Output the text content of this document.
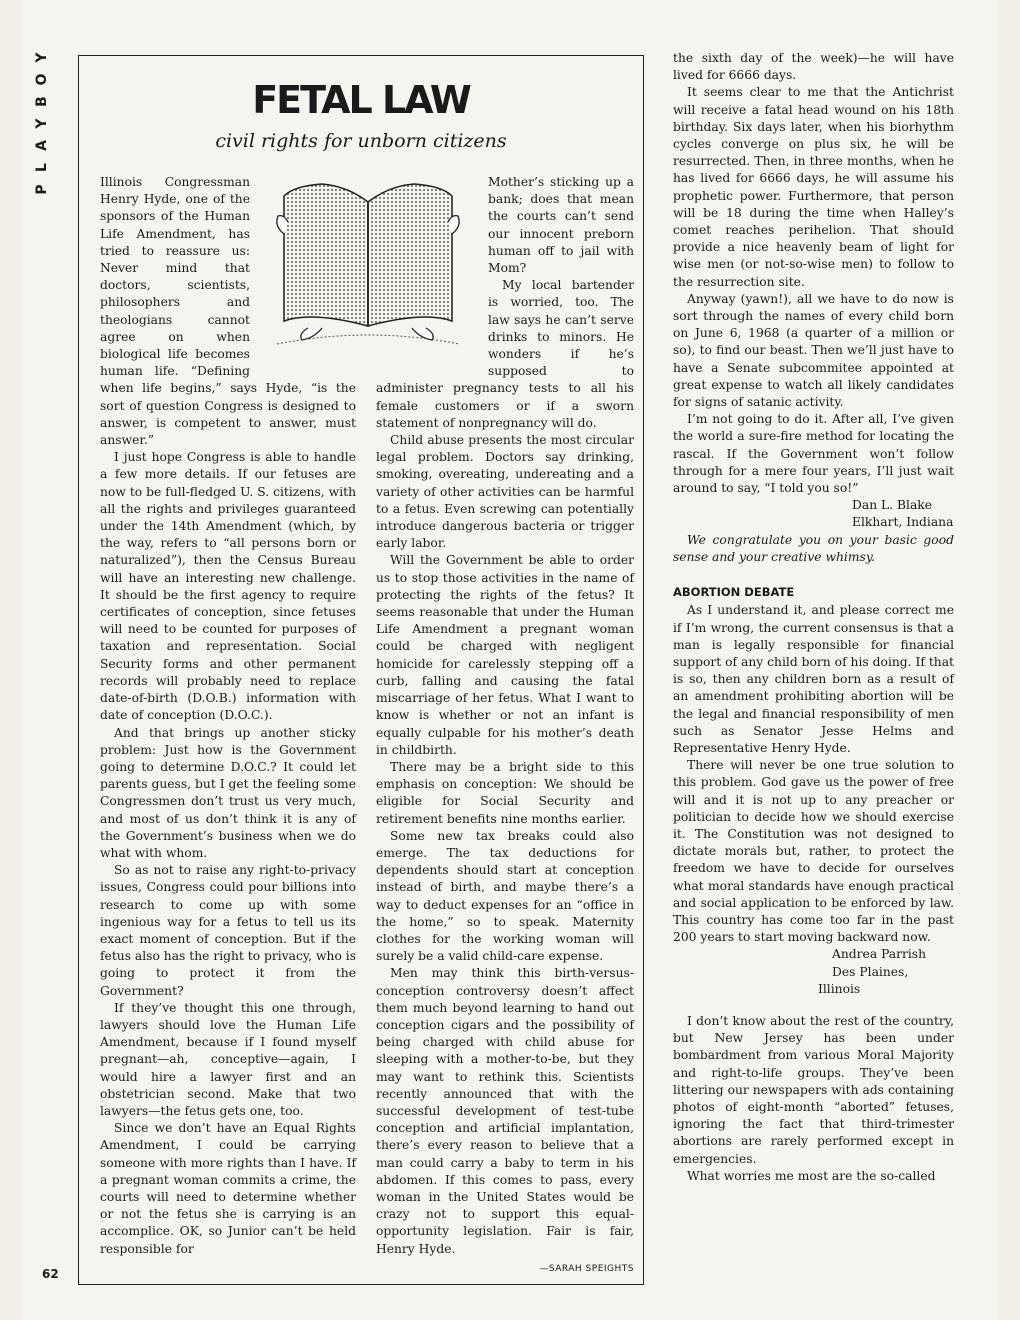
Y
O
B
Y
A
L
P
62
FETAL LAW
civil rights for unborn citizens

Illinois Congressman Henry Hyde, one of the sponsors of the Human Life Amendment, has tried to reassure us: Never mind that doctors, scientists, philosophers and theologians cannot agree on when biological life becomes human life. “Defining when life begins,” says Hyde, “is the sort of question Congress is designed to answer, is competent to answer, must answer.”

I just hope Congress is able to handle a few more details. If our fetuses are now to be full-fledged U. S. citizens, with all the rights and privileges guaranteed under the 14th Amendment (which, by the way, refers to “all persons born or naturalized”), then the Census Bureau will have an interesting new challenge. It should be the first agency to require certificates of conception, since fetuses will need to be counted for purposes of taxation and representation. Social Security forms and other permanent records will probably need to replace date-of-birth (D.O.B.) information with date of conception (D.O.C.).

And that brings up another sticky problem: Just how is the Government going to determine D.O.C.? It could let parents guess, but I get the feeling some Congressmen don’t trust us very much, and most of us don’t think it is any of the Government’s business when we do what with whom.

So as not to raise any right-to-privacy issues, Congress could pour billions into research to come up with some ingenious way for a fetus to tell us its exact moment of conception. But if the fetus also has the right to privacy, who is going to protect it from the Government?

If they’ve thought this one through, lawyers should love the Human Life Amendment, because if I found myself pregnant—ah, conceptive—again, I would hire a lawyer first and an obstetrician second. Make that two lawyers—the fetus gets one, too.

Since we don’t have an Equal Rights Amendment, I could be carrying someone with more rights than I have. If a pregnant woman commits a crime, the courts will need to determine whether or not the fetus she is carrying is an accomplice. OK, so Junior can’t be held responsible for

Mother’s sticking up a bank; does that mean the courts can’t send our innocent preborn human off to jail with Mom?

My local bartender is worried, too. The law says he can’t serve drinks to minors. He wonders if he’s supposed to administer pregnancy tests to all his female customers or if a sworn statement of nonpregnancy will do.

Child abuse presents the most circular legal problem. Doctors say drinking, smoking, overeating, undereating and a variety of other activities can be harmful to a fetus. Even screwing can potentially introduce dangerous bacteria or trigger early labor.

Will the Government be able to order us to stop those activities in the name of protecting the rights of the fetus? It seems reasonable that under the Human Life Amendment a pregnant woman could be charged with negligent homicide for carelessly stepping off a curb, falling and causing the fatal miscarriage of her fetus. What I want to know is whether or not an infant is equally culpable for his mother’s death in childbirth.

There may be a bright side to this emphasis on conception: We should be eligible for Social Security and retirement benefits nine months earlier.

Some new tax breaks could also emerge. The tax deductions for dependents should start at conception instead of birth, and maybe there’s a way to deduct expenses for an “office in the home,” so to speak. Maternity clothes for the working woman will surely be a valid child-care expense.

Men may think this birth-versus-conception controversy doesn’t affect them much beyond learning to hand out conception cigars and the possibility of being charged with child abuse for sleeping with a mother-to-be, but they may want to rethink this. Scientists recently announced that with the successful development of test-tube conception and artificial implantation, there’s every reason to believe that a man could carry a baby to term in his abdomen. If this comes to pass, every woman in the United States would be crazy not to support this equal-opportunity legislation. Fair is fair, Henry Hyde.

—SARAH SPEIGHTS

the sixth day of the week)—he will have lived for 6666 days.

It seems clear to me that the Antichrist will receive a fatal head wound on his 18th birthday. Six days later, when his biorhythm cycles converge on plus six, he will be resurrected. Then, in three months, when he has lived for 6666 days, he will assume his prophetic power. Furthermore, that person will be 18 during the time when Halley’s comet reaches perihelion. That should provide a nice heavenly beam of light for wise men (or not-so-wise men) to follow to the resurrection site.

Anyway (yawn!), all we have to do now is sort through the names of every child born on June 6, 1968 (a quarter of a million or so), to find our beast. Then we’ll just have to have a Senate subcommitee appointed at great expense to watch all likely candidates for signs of satanic activity.

I’m not going to do it. After all, I’ve given the world a sure-fire method for locating the rascal. If the Government won’t follow through for a mere four years, I’ll just wait around to say, “I told you so!”

Dan L. Blake

Elkhart, Indiana

We congratulate you on your basic good sense and your creative whimsy.

ABORTION DEBATE

As I understand it, and please correct me if I’m wrong, the current consensus is that a man is legally responsible for financial support of any child born of his doing. If that is so, then any children born as a result of an amendment prohibiting abortion will be the legal and financial responsibility of men such as Senator Jesse Helms and Representative Henry Hyde.

There will never be one true solution to this problem. God gave us the power of free will and it is not up to any preacher or politician to decide how we should exercise it. The Constitution was not designed to dictate morals but, rather, to protect the freedom we have to decide for ourselves what moral standards have enough practical and social application to be enforced by law. This country has come too far in the past 200 years to start moving backward now.

Andrea Parrish

Des Plaines, Illinois

I don’t know about the rest of the country, but New Jersey has been under bombardment from various Moral Majority and right-to-life groups. They’ve been littering our newspapers with ads containing photos of eight-month “aborted” fetuses, ignoring the fact that third-trimester abortions are rarely performed except in emergencies.

What worries me most are the so-called
